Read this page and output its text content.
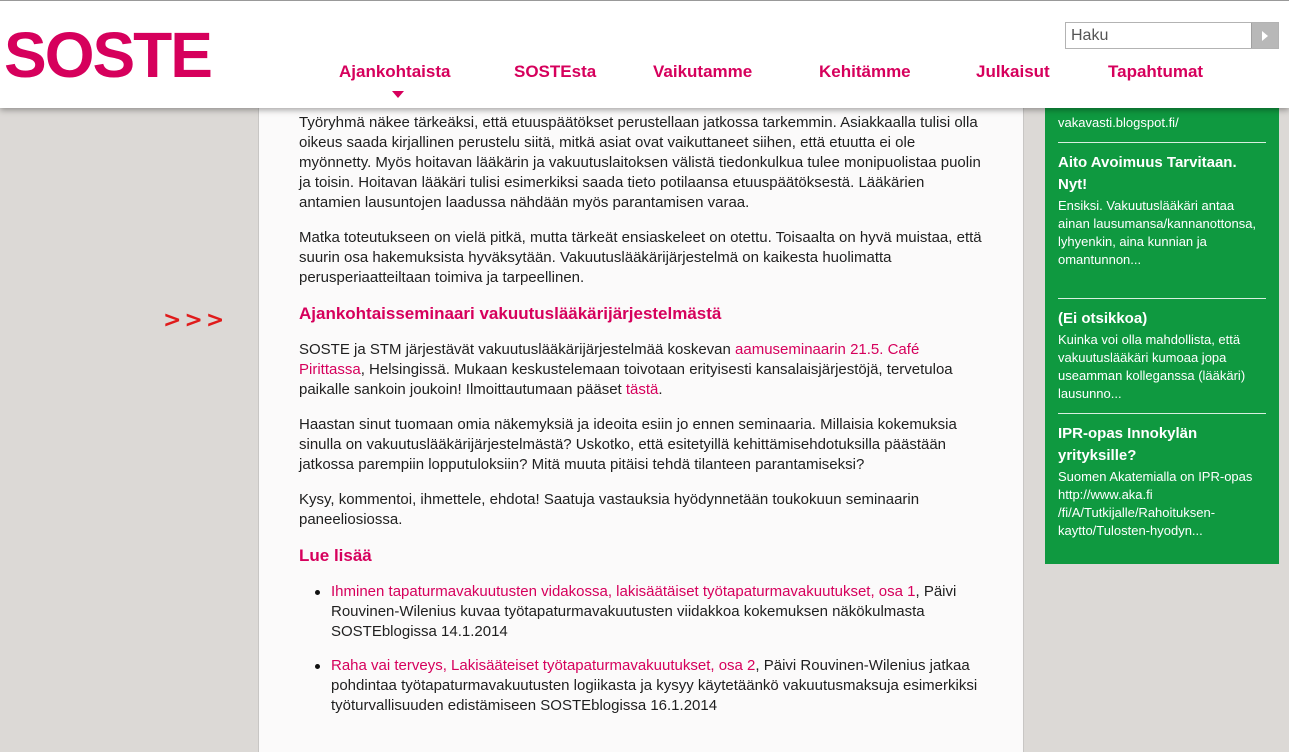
SOSTE
Haku	Ajankohtaista	SOSTEsta	Vaikutamme	Kehitämme	Julkaisut	Tapahtumat
>>>

Työryhmä näkee tärkeäksi, että etuuspäätökset perustellaan jatkossa tarkemmin. Asiakkaalla tulisi olla oikeus saada kirjallinen perustelu siitä, mitkä asiat ovat vaikuttaneet siihen, että etuutta ei ole myönnetty. Myös hoitavan lääkärin ja vakuutuslaitoksen välistä tiedonkulkua tulee monipuolistaa puolin ja toisin. Hoitavan lääkäri tulisi esimerkiksi saada tieto potilaansa etuuspäätöksestä. Lääkärien antamien lausuntojen laadussa nähdään myös parantamisen varaa.

Matka toteutukseen on vielä pitkä, mutta tärkeät ensiaskeleet on otettu. Toisaalta on hyvä muistaa, että suurin osa hakemuksista hyväksytään. Vakuutuslääkärijärjestelmä on kaikesta huolimatta perusperiaatteiltaan toimiva ja tarpeellinen.

Ajankohtaisseminaari vakuutuslääkärijärjestelmästä

SOSTE ja STM järjestävät vakuutuslääkärijärjestelmää koskevan aamuseminaarin 21.5. Café Pirittassa, Helsingissä. Mukaan keskustelemaan toivotaan erityisesti kansalaisjärjestöjä, tervetuloa paikalle sankoin joukoin! Ilmoittautumaan pääset tästä.

Haastan sinut tuomaan omia näkemyksiä ja ideoita esiin jo ennen seminaaria. Millaisia kokemuksia sinulla on vakuutuslääkärijärjestelmästä? Uskotko, että esitetyillä kehittämisehdotuksilla päästään jatkossa parempiin lopputuloksiin? Mitä muuta pitäisi tehdä tilanteen parantamiseksi?

Kysy, kommentoi, ihmettele, ehdota! Saatuja vastauksia hyödynnetään toukokuun seminaarin paneeliosiossa.

Lue lisää
Ihminen tapaturmavakuutusten vidakossa, lakisäätäiset työtapaturmavakuutukset, osa 1, Päivi Rouvinen-Wilenius kuvaa työtapaturmavakuutusten viidakkoa kokemuksen näkökulmasta SOSTEblogissa 14.1.2014
Raha vai terveys, Lakisääteiset työtapaturmavakuutukset, osa 2, Päivi Rouvinen-Wilenius jatkaa pohdintaa työtapaturmavakuutusten logiikasta ja kysyy käytetäänkö vakuutusmaksuja esimerkiksi työturvallisuuden edistämiseen SOSTEblogissa 16.1.2014
vakavasti.blogspot.fi/
Aito Avoimuus Tarvitaan. Nyt!
Ensiksi. Vakuutuslääkäri antaa ainan lausumansa/kannanottonsa, lyhyenkin, aina kunnian ja omantunnon...
(Ei otsikkoa)
Kuinka voi olla mahdollista, että vakuutuslääkäri kumoaa jopa useamman kolleganssa (lääkäri) lausunno...
IPR-opas Innokylän yrityksille?
Suomen Akatemialla on IPR-opas http://www.aka.fi /fi/A/Tutkijalle/Rahoituksen-kaytto/Tulosten-hyodyn...
